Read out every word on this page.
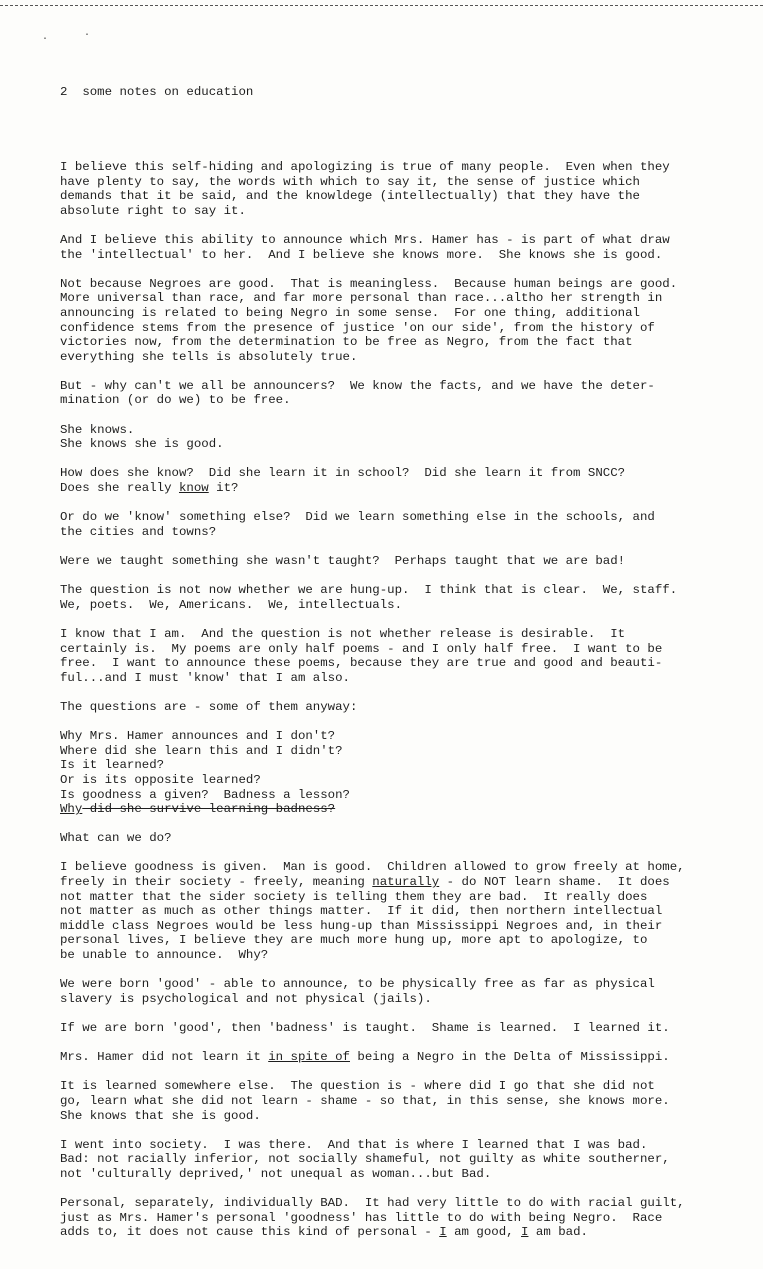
·	·

2 some notes on education

I believe this self-hiding and apologizing is true of many people.  Even when they
have plenty to say, the words with which to say it, the sense of justice which
demands that it be said, and the knowldege (intellectually) that they have the
absolute right to say it.
And I believe this ability to announce which Mrs. Hamer has - is part of what draw
the 'intellectual' to her.  And I believe she knows more.  She knows she is good.
Not because Negroes are good.  That is meaningless.  Because human beings are good.
More universal than race, and far more personal than race...altho her strength in
announcing is related to being Negro in some sense.  For one thing, additional
confidence stems from the presence of justice 'on our side', from the history of
victories now, from the determination to be free as Negro, from the fact that
everything she tells is absolutely true.
But - why can't we all be announcers?  We know the facts, and we have the deter-
mination (or do we) to be free.
She knows.
She knows she is good.
How does she know?  Did she learn it in school?  Did she learn it from SNCC?
Does she really know it?
Or do we 'know' something else?  Did we learn something else in the schools, and
the cities and towns?
Were we taught something she wasn't taught?  Perhaps taught that we are bad!
The question is not now whether we are hung-up.  I think that is clear.  We, staff.
We, poets.  We, Americans.  We, intellectuals.
I know that I am.  And the question is not whether release is desirable.  It
certainly is.  My poems are only half poems - and I only half free.  I want to be
free.  I want to announce these poems, because they are true and good and beauti-
ful...and I must 'know' that I am also.
The questions are - some of them anyway:
Why Mrs. Hamer announces and I don't?
Where did she learn this and I didn't?
Is it learned?
Or is its opposite learned?
Is goodness a given?  Badness a lesson?
Why did she survive learning badness?
What can we do?
I believe goodness is given.  Man is good.  Children allowed to grow freely at home,
freely in their society - freely, meaning naturally - do NOT learn shame.  It does
not matter that the sider society is telling them they are bad.  It really does
not matter as much as other things matter.  If it did, then northern intellectual
middle class Negroes would be less hung-up than Mississippi Negroes and, in their
personal lives, I believe they are much more hung up, more apt to apologize, to
be unable to announce.  Why?
We were born 'good' - able to announce, to be physically free as far as physical
slavery is psychological and not physical (jails).
If we are born 'good', then 'badness' is taught.  Shame is learned.  I learned it.
Mrs. Hamer did not learn it in spite of being a Negro in the Delta of Mississippi.
It is learned somewhere else.  The question is - where did I go that she did not
go, learn what she did not learn - shame - so that, in this sense, she knows more.
She knows that she is good.
I went into society.  I was there.  And that is where I learned that I was bad.
Bad: not racially inferior, not socially shameful, not guilty as white southerner,
not 'culturally deprived,' not unequal as woman...but Bad.
Personal, separately, individually BAD.  It had very little to do with racial guilt,
just as Mrs. Hamer's personal 'goodness' has little to do with being Negro.  Race
adds to, it does not cause this kind of personal - I am good, I am bad.
